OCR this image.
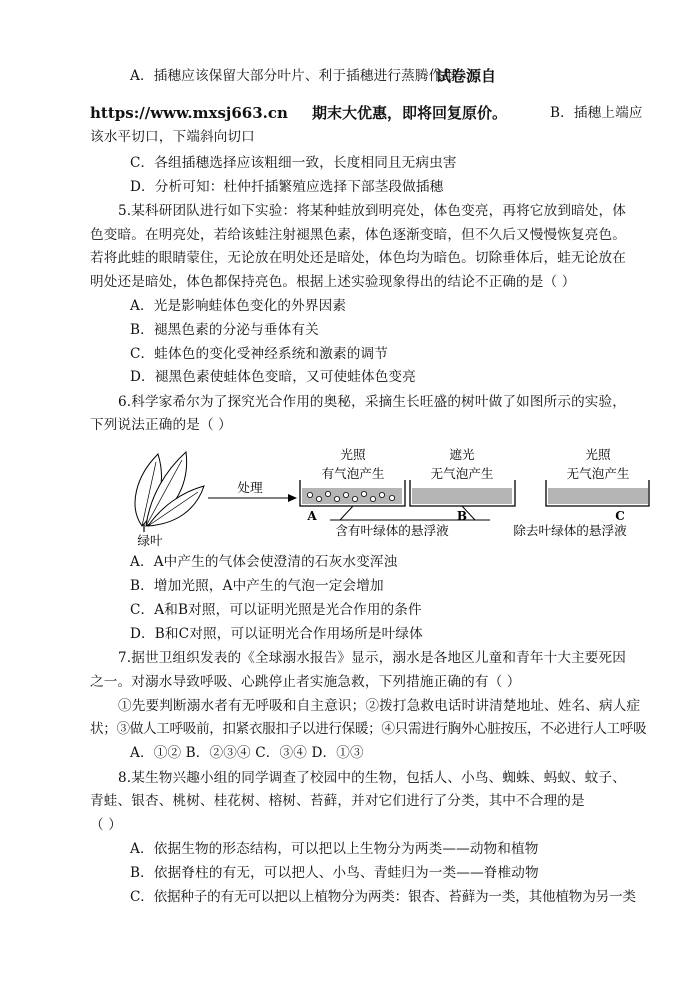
A．插穗应该保留大部分叶片、利于插穗进行蒸腾作用
试卷源自
https://www.mxsj663.cn 期末大优惠，即将回复原价。	B．插穗上端应
该水平切口，下端斜向切口
C．各组插穗选择应该粗细一致，长度相同且无病虫害
D．分析可知：杜仲扦插繁殖应选择下部茎段做插穗
5.某科研团队进行如下实验：将某种蛙放到明亮处，体色变亮，再将它放到暗处，体
色变暗。在明亮处，若给该蛙注射褪黑色素，体色逐渐变暗，但不久后又慢慢恢复亮色。
若将此蛙的眼睛蒙住，无论放在明处还是暗处，体色均为暗色。切除垂体后，蛙无论放在
明处还是暗处，体色都保持亮色。根据上述实验现象得出的结论不正确的是（ ）
A．光是影响蛙体色变化的外界因素
B．褪黑色素的分泌与垂体有关
C．蛙体色的变化受神经系统和激素的调节
D．褪黑色素使蛙体色变暗，又可使蛙体色变亮
6.科学家希尔为了探究光合作用的奥秘，采摘生长旺盛的树叶做了如图所示的实验，
下列说法正确的是（ ）
绿叶
处理
光照
有气泡产生
A
遮光
无气泡产生
B
光照
无气泡产生
C
含有叶绿体的悬浮液	除去叶绿体的悬浮液
A．A中产生的气体会使澄清的石灰水变浑浊
B．增加光照，A中产生的气泡一定会增加
C．A和B对照，可以证明光照是光合作用的条件
D．B和C对照，可以证明光合作用场所是叶绿体
7.据世卫组织发表的《全球溺水报告》显示，溺水是各地区儿童和青年十大主要死因
之一。对溺水导致呼吸、心跳停止者实施急救，下列措施正确的有（ ）
①先要判断溺水者有无呼吸和自主意识；②拨打急救电话时讲清楚地址、姓名、病人症
状；③做人工呼吸前，扣紧衣服扣子以进行保暖；④只需进行胸外心脏按压，不必进行人工呼吸
A．①② B．②③④ C．③④ D．①③
8.某生物兴趣小组的同学调查了校园中的生物，包括人、小鸟、蜘蛛、蚂蚁、蚊子、
青蛙、银杏、桃树、桂花树、榕树、苔藓，并对它们进行了分类，其中不合理的是
（ ）
A．依据生物的形态结构，可以把以上生物分为两类——动物和植物
B．依据脊柱的有无，可以把人、小鸟、青蛙归为一类——脊椎动物
C．依据种子的有无可以把以上植物分为两类：银杏、苔藓为一类，其他植物为另一类
